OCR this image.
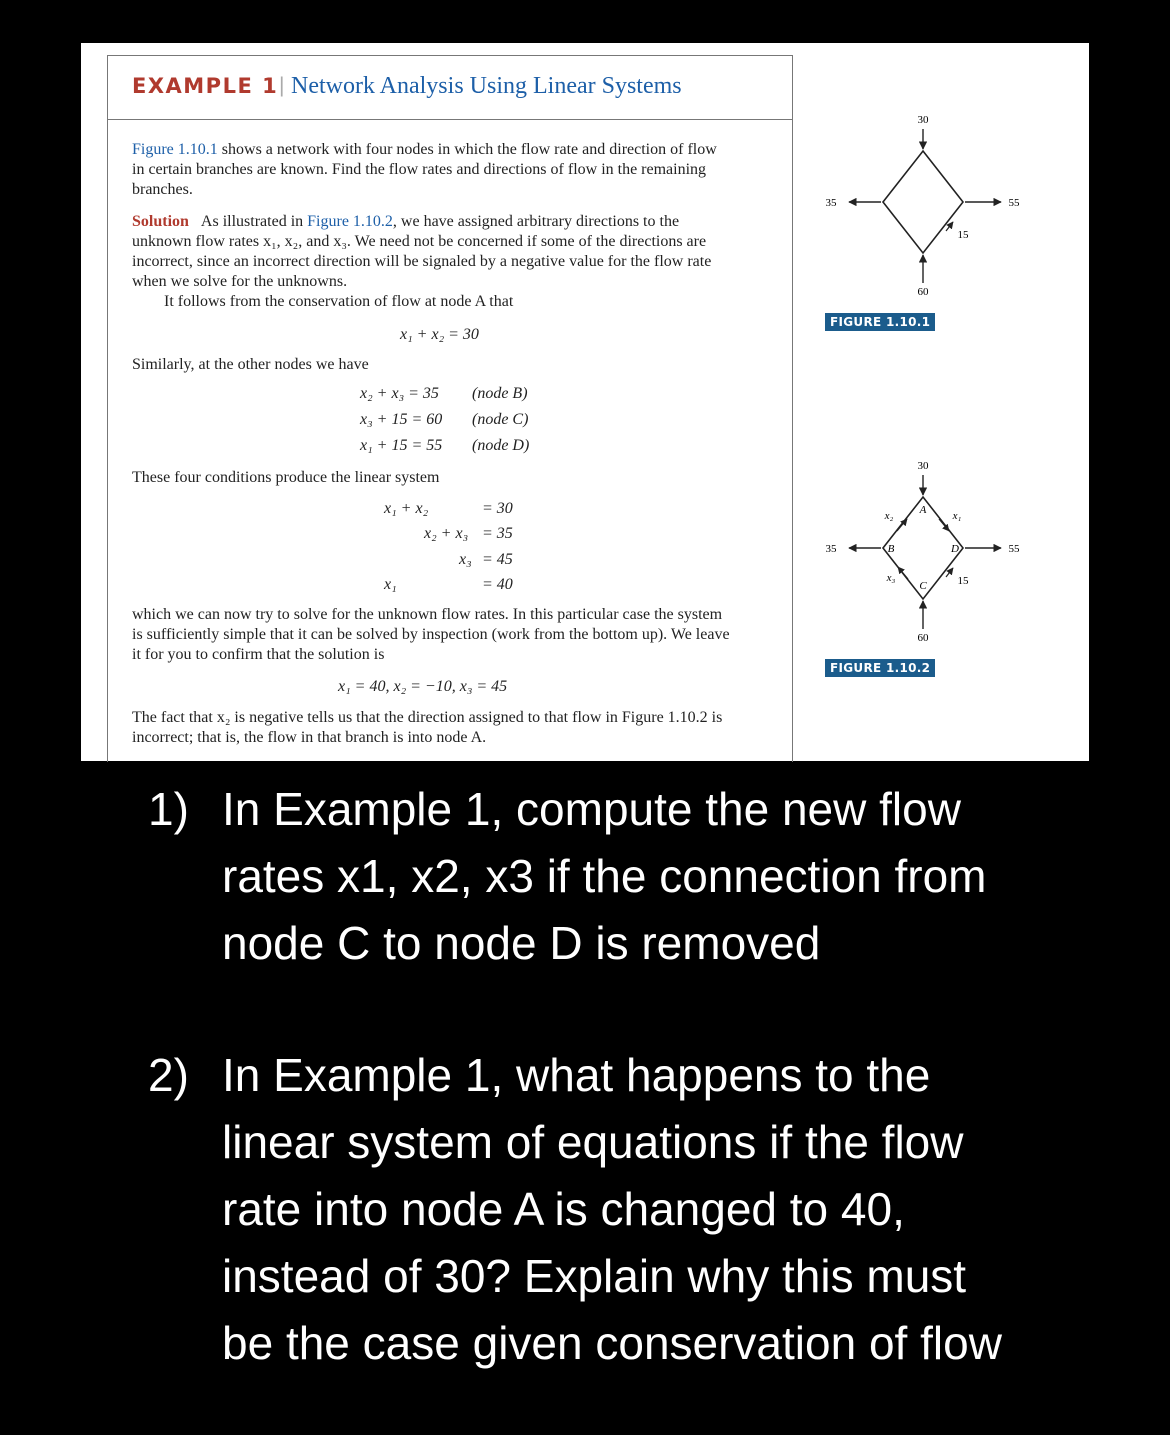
EXAMPLE 1 | Network Analysis Using Linear Systems
Figure 1.10.1 shows a network with four nodes in which the flow rate and direction of flow
in certain branches are known. Find the flow rates and directions of flow in the remaining
branches.
Solution As illustrated in Figure 1.10.2, we have assigned arbitrary directions to the
unknown flow rates x₁, x₂, and x₃. We need not be concerned if some of the directions are
incorrect, since an incorrect direction will be signaled by a negative value for the flow rate
when we solve for the unknowns.
It follows from the conservation of flow at node A that
x₁ + x₂ = 30
Similarly, at the other nodes we have
x₂ + x₃ = 35 (node B)
x₃ + 15 = 60 (node C)
x₁ + 15 = 55 (node D)
These four conditions produce the linear system
x₁ + x₂	= 30
x₂ + x₃ = 35
x₃ = 45
x₁	= 40
which we can now try to solve for the unknown flow rates. In this particular case the system
is sufficiently simple that it can be solved by inspection (work from the bottom up). We leave
it for you to confirm that the solution is
x₁ = 40, x₂ = −10, x₃ = 45
The fact that x₂ is negative tells us that the direction assigned to that flow in Figure 1.10.2 is
incorrect; that is, the flow in that branch is into node A.
30
35	55
15
60
FIGURE 1.10.1
30
35	55
15
60
A
B
C
D
x₁
x₂
x₃
FIGURE 1.10.2
1) In Example 1, compute the new flow
rates x1, x2, x3 if the connection from
node C to node D is removed
2) In Example 1, what happens to the
linear system of equations if the flow
rate into node A is changed to 40,
instead of 30? Explain why this must
be the case given conservation of flow
